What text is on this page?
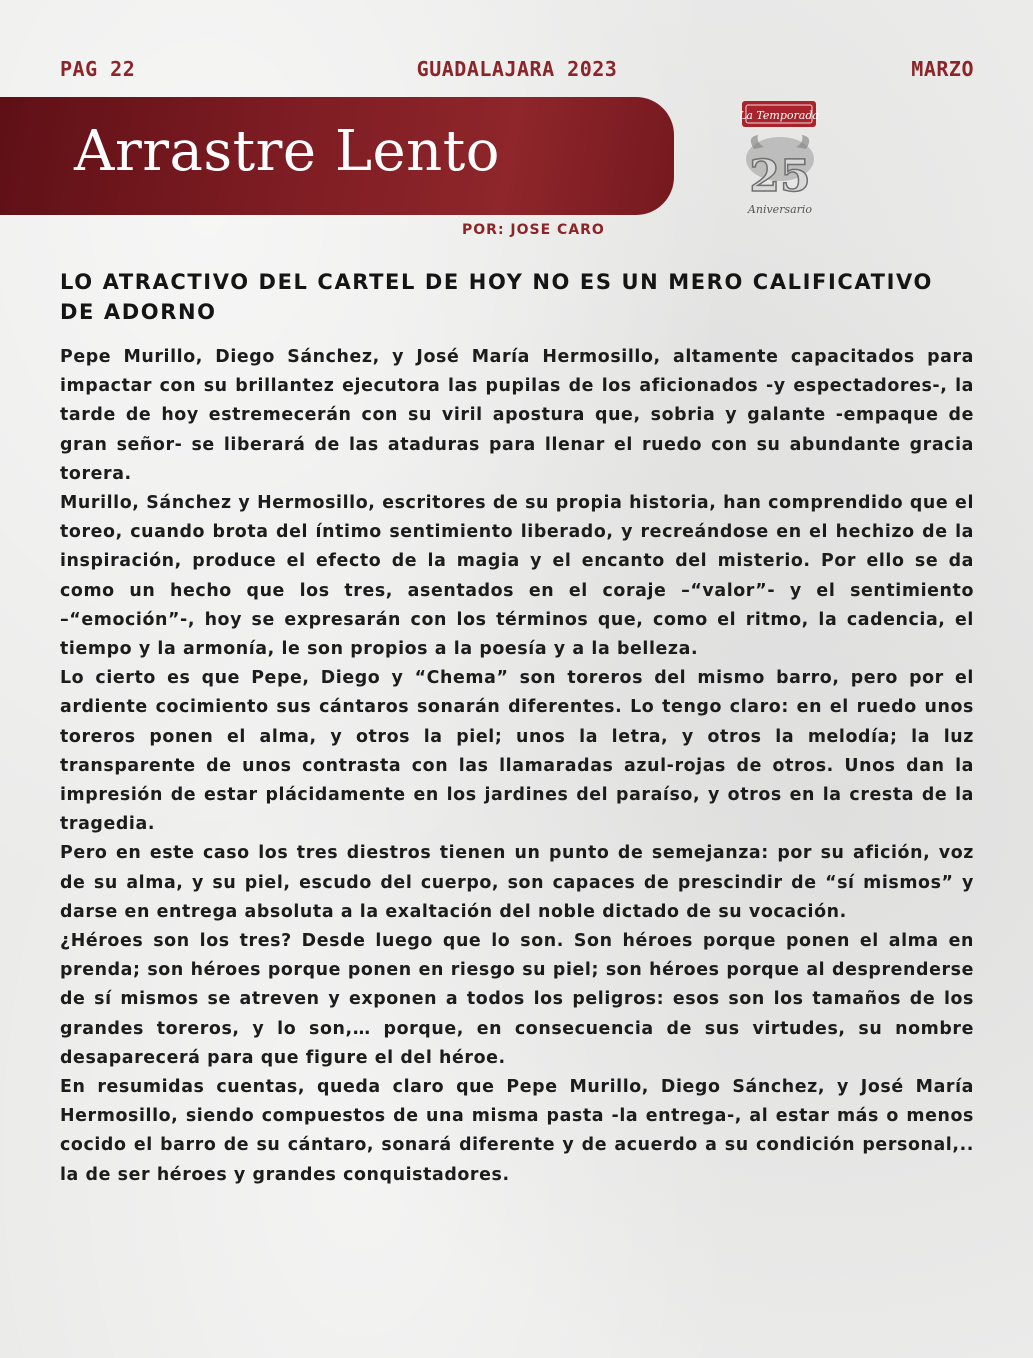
PAG 22	GUADALAJARA 2023	MARZO
Arrastre Lento
La Temporada
25
Aniversario
POR: JOSE CARO
LO ATRACTIVO DEL CARTEL DE HOY NO ES UN MERO CALIFICATIVO DE ADORNO

Pepe Murillo, Diego Sánchez, y José María Hermosillo, altamente capacitados para impactar con su brillantez ejecutora las pupilas de los aficionados -y espectadores-, la tarde de hoy estremecerán con su viril apostura que, sobria y galante -empaque de gran señor- se liberará de las ataduras para llenar el ruedo con su abundante gracia torera.

Murillo, Sánchez y Hermosillo, escritores de su propia historia, han comprendido que el toreo, cuando brota del íntimo sentimiento liberado, y recreándose en el hechizo de la inspiración, produce el efecto de la magia y el encanto del misterio. Por ello se da como un hecho que los tres, asentados en el coraje –“valor”- y el sentimiento –“emoción”-, hoy se expresarán con los términos que, como el ritmo, la cadencia, el tiempo y la armonía, le son propios a la poesía y a la belleza.

Lo cierto es que Pepe, Diego y “Chema” son toreros del mismo barro, pero por el ardiente cocimiento sus cántaros sonarán diferentes. Lo tengo claro: en el ruedo unos toreros ponen el alma, y otros la piel; unos la letra, y otros la melodía; la luz transparente de unos contrasta con las llamaradas azul-rojas de otros. Unos dan la impresión de estar plácidamente en los jardines del paraíso, y otros en la cresta de la tragedia.

Pero en este caso los tres diestros tienen un punto de semejanza: por su afición, voz de su alma, y su piel, escudo del cuerpo, son capaces de prescindir de “sí mismos” y darse en entrega absoluta a la exaltación del noble dictado de su vocación.

¿Héroes son los tres? Desde luego que lo son. Son héroes porque ponen el alma en prenda; son héroes porque ponen en riesgo su piel; son héroes porque al desprenderse de sí mismos se atreven y exponen a todos los peligros: esos son los tamaños de los grandes toreros, y lo son,… porque, en consecuencia de sus virtudes, su nombre desaparecerá para que figure el del héroe.

En resumidas cuentas, queda claro que Pepe Murillo, Diego Sánchez, y José María Hermosillo, siendo compuestos de una misma pasta -la entrega-, al estar más o menos cocido el barro de su cántaro, sonará diferente y de acuerdo a su condición personal,.. la de ser héroes y grandes conquistadores.
